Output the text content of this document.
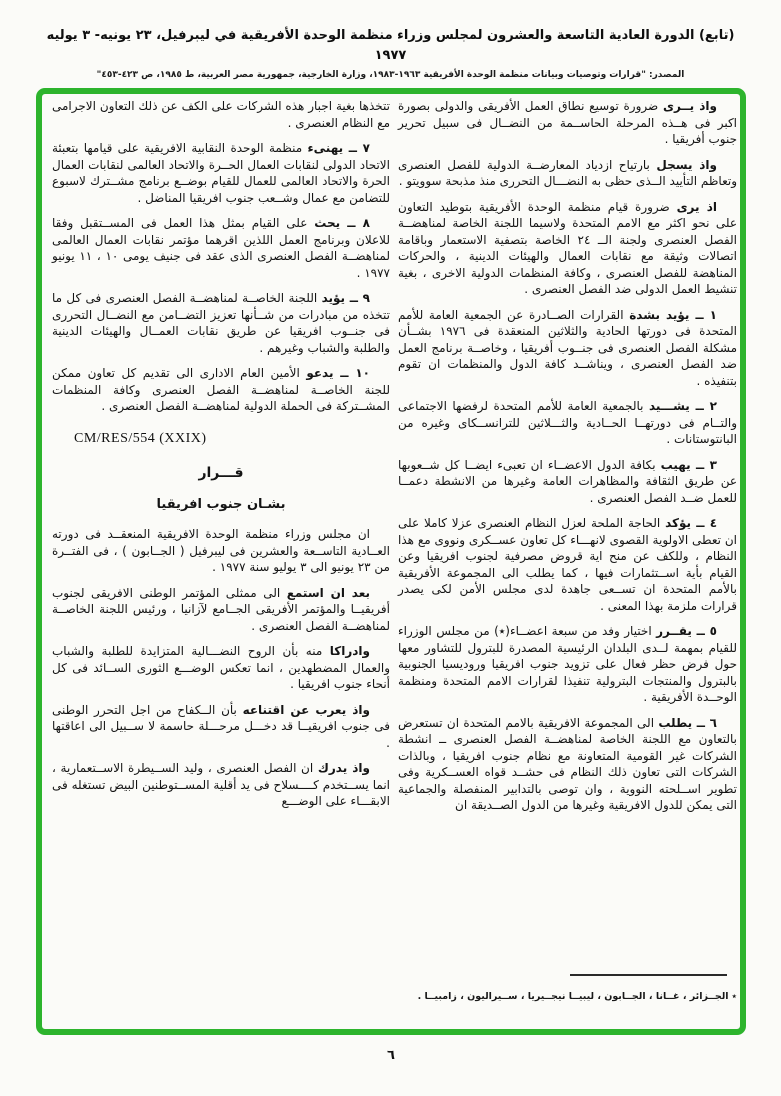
(تابع) الدورة العادية التاسعة والعشرون لمجلس وزراء منظمة الوحدة الأفريقية في ليبرفيل، ٢٣ يونيه- ٣ يوليه ١٩٧٧
المصدر: "قرارات وتوصيات وبيانات منظمة الوحدة الأفريقية ١٩٦٣-١٩٨٣، وزارة الخارجية، جمهورية مصر العربية، ط ١٩٨٥، ص ٤٢٣-٤٥٣"

واذ يــرى ضرورة توسيع نطاق العمل الأفريقى والدولى بصورة اكبر فى هــذه المرحلة الحاســمة من النضــال فى سبيل تحرير جنوب أفريقيا .

واذ يسجل بارتياح ازدياد المعارضــة الدولية للفصل العنصرى وتعاظم التأييد الــذى حظى به النضـــال التحررى منذ مذبحة سوويتو .

اذ يرى ضرورة قيام منظمة الوحدة الأفريقية بتوطيد التعاون على نحو اكثر مع الامم المتحدة ولاسيما اللجنة الخاصة لمناهضــة الفصل العنصرى ولجنة الــ ٢٤ الخاصة بتصفية الاستعمار وباقامة اتصالات وثيقة مع نقابات العمال والهيئات الدينية ، والحركات المناهضة للفصل العنصرى ، وكافة المنظمات الدولية الاخرى ، بغية تنشيط العمل الدولى ضد الفصل العنصرى .

١ ــ يؤيد بشدة القرارات الصــادرة عن الجمعية العامة للأمم المتحدة فى دورتها الحادية والثلاثين المنعقدة فى ١٩٧٦ بشــأن مشكلة الفصل العنصرى فى جنــوب أفريقيا ، وخاصــة برنامج العمل ضد الفصل العنصرى ، ويناشــد كافة الدول والمنظمات ان تقوم بتنفيذه .

٢ ــ يشـــيد بالجمعية العامة للأمم المتحدة لرفضها الاجتماعى والتــام فى دورتهــا الحــادية والثـــلاثين للترانســكاى وغيره من البانتوستانات .

٣ ــ يهيب بكافة الدول الاعضــاء ان تعبىء ايضــا كل شــعوبها عن طريق الثقافة والمظاهرات العامة وغيرها من الانشطة دعمــا للعمل ضــد الفصل العنصرى .

٤ ــ يؤكد الحاجة الملحة لعزل النظام العنصرى عزلا كاملا على ان تعطى الاولوية القصوى لانهـــاء كل تعاون عســكرى ونووى مع هذا النظام ، وللكف عن منح اية قروض مصرفية لجنوب افريقيا وعن القيام بأية اســتثمارات فيها ، كما يطلب الى المجموعة الأفريقية بالأمم المتحدة ان تســعى جاهدة لدى مجلس الأمن لكى يصدر قرارات ملزمة بهذا المعنى .

٥ ــ يقــرر اختيار وفد من سبعة اعضــاء(٭) من مجلس الوزراء للقيام بمهمة لــدى البلدان الرئيسية المصدرة للبترول للتشاور معها حول فرض حظر فعال على تزويد جنوب افريقيا وروديسيا الجنوبية بالبترول والمنتجات البترولية تنفيذا لقرارات الامم المتحدة ومنظمة الوحــدة الأفريقية .

٦ ــ يطلب الى المجموعة الافريقية بالامم المتحدة ان تستعرض بالتعاون مع اللجنة الخاصة لمناهضــة الفصل العنصرى ــ انشطة الشركات غير القومية المتعاونة مع نظام جنوب افريقيا ، وبالذات الشركات التى تعاون ذلك النظام فى حشــد قواه العســكرية وفى تطوير اســلحته النووية ، وان توصى بالتدابير المنفصلة والجماعية التى يمكن للدول الافريقية وغيرها من الدول الصــديقة ان

تتخذها بغية اجبار هذه الشركات على الكف عن ذلك التعاون الاجرامى مع النظام العنصرى .

٧ ــ يهنىء منظمة الوحدة النقابية الافريقية على قيامها بتعبئة الاتحاد الدولى لنقابات العمال الحــرة والاتحاد العالمى لنقابات العمال الحرة والاتحاد العالمى للعمال للقيام بوضــع برنامج مشــترك لاسبوع للتضامن مع عمال وشــعب جنوب افريقيا المناضل .

٨ ــ يحث على القيام بمثل هذا العمل فى المســتقبل وفقا للاعلان وبرنامج العمل اللذين اقرهما مؤتمر نقابات العمال العالمى لمناهضــة الفصل العنصرى الذى عقد فى جنيف يومى ١٠ ، ١١ يونيو ١٩٧٧ .

٩ ــ يؤيد اللجنة الخاصــة لمناهضــة الفصل العنصرى فى كل ما تتخذه من مبادرات من شــأنها تعزيز التضــامن مع النضــال التحررى فى جنــوب افريقيا عن طريق نقابات العمــال والهيئات الدينية والطلبة والشباب وغيرهم .

١٠ ــ يدعو الأمين العام الادارى الى تقديم كل تعاون ممكن للجنة الخاصــة لمناهضــة الفصل العنصرى وكافة المنظمات المشــتركة فى الحملة الدولية لمناهضــة الفصل العنصرى .

CM/RES/554 (XXIX)

قـــرار

بشـان جنوب افريقيا

ان مجلس وزراء منظمة الوحدة الافريقية المنعقــد فى دورته العــادية التاســعة والعشرين فى ليبرفيل ( الجــابون ) ، فى الفتــرة من ٢٣ يونيو الى ٣ يوليو سنة ١٩٧٧ .

بعد ان استمع الى ممثلى المؤتمر الوطنى الافريقى لجنوب أفريقيــا والمؤتمر الأفريقى الجــامع لآزانيا ، ورئيس اللجنة الخاصــة لمناهضــة الفصل العنصرى .

وادراكا منه بأن الروح النضـــالية المتزايدة للطلبة والشباب والعمال المضطهدين ، انما تعكس الوضـــع الثورى الســائد فى كل أنحاء جنوب افريقيا .

واذ يعرب عن اقتناعه بأن الــكفاح من اجل التحرر الوطنى فى جنوب افريقيــا قد دخـــل مرحـــلة حاسمة لا ســبيل الى اعاقتها .

واذ يدرك ان الفصل العنصرى ، وليد الســيطرة الاســتعمارية ، انما يســتخدم كــــسلاح فى يد أقلية المســتوطنين البيض تستغله فى الابقـــاء على الوضـــع

٭الجــزائر ، غــانا ، الجــابون ، ليبيــا نيجــيريا ، ســيراليون ، زامبيــا .
٦
